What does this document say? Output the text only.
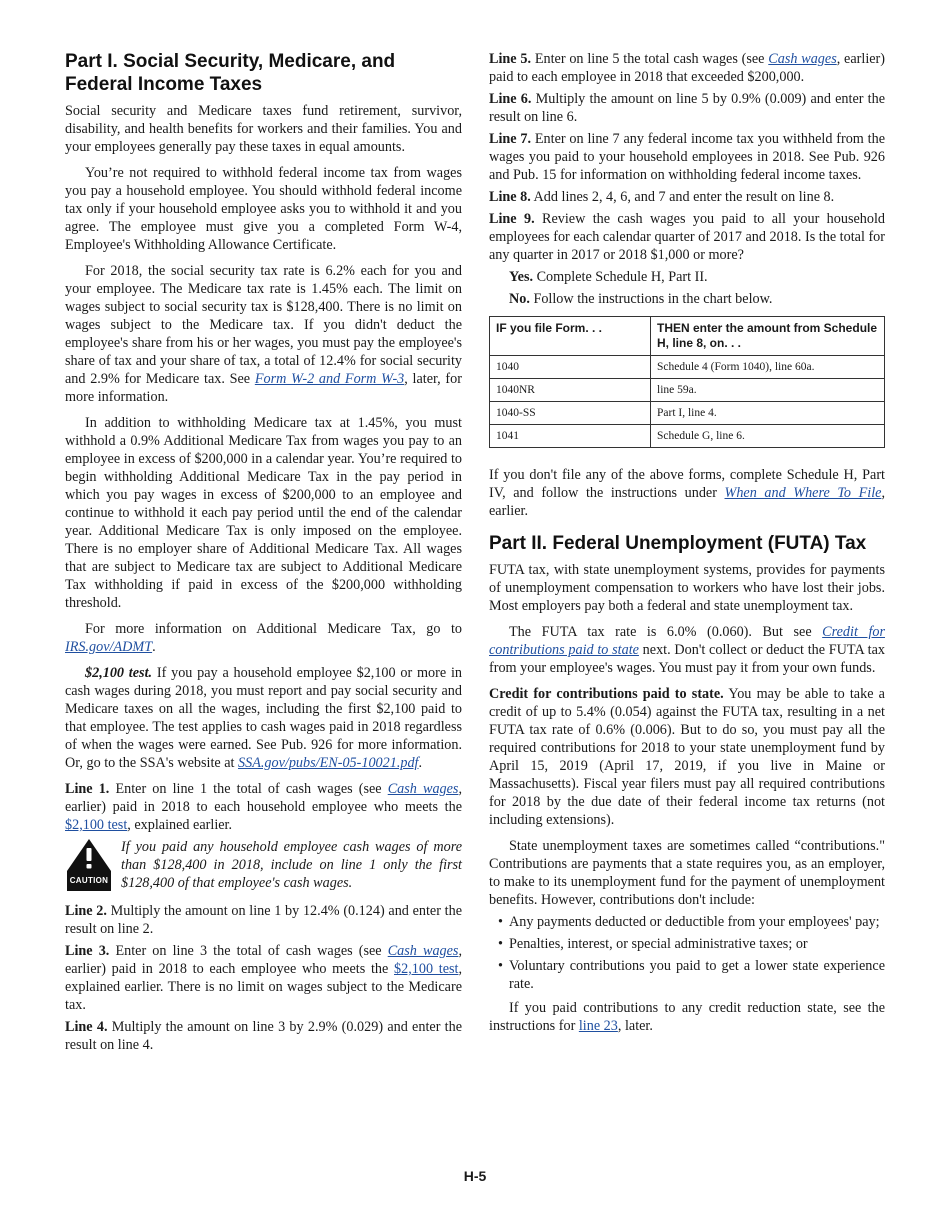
Part I. Social Security, Medicare, and Federal Income Taxes

Social security and Medicare taxes fund retirement, survivor, disability, and health benefits for workers and their families. You and your employees generally pay these taxes in equal amounts.

You’re not required to withhold federal income tax from wages you pay a household employee. You should withhold federal income tax only if your household employee asks you to withhold it and you agree. The employee must give you a completed Form W-4, Employee's Withholding Allowance Certificate.

For 2018, the social security tax rate is 6.2% each for you and your employee. The Medicare tax rate is 1.45% each. The limit on wages subject to social security tax is $128,400. There is no limit on wages subject to the Medicare tax. If you didn't deduct the employee's share from his or her wages, you must pay the employee's share of tax and your share of tax, a total of 12.4% for social security and 2.9% for Medicare tax. See Form W-2 and Form W-3, later, for more information.

In addition to withholding Medicare tax at 1.45%, you must withhold a 0.9% Additional Medicare Tax from wages you pay to an employee in excess of $200,000 in a calendar year. You’re required to begin withholding Additional Medicare Tax in the pay period in which you pay wages in excess of $200,000 to an employee and continue to withhold it each pay period until the end of the calendar year. Additional Medicare Tax is only imposed on the employee. There is no employer share of Additional Medicare Tax. All wages that are subject to Medicare tax are subject to Additional Medicare Tax withholding if paid in excess of the $200,000 withholding threshold.

For more information on Additional Medicare Tax, go to IRS.gov/ADMT.

$2,100 test. If you pay a household employee $2,100 or more in cash wages during 2018, you must report and pay social security and Medicare taxes on all the wages, including the first $2,100 paid to that employee. The test applies to cash wages paid in 2018 regardless of when the wages were earned. See Pub. 926 for more information. Or, go to the SSA's website at SSA.gov/pubs/EN-05-10021.pdf.

Line 1. Enter on line 1 the total of cash wages (see Cash wages, earlier) paid in 2018 to each household employee who meets the $2,100 test, explained earlier.

CAUTION
If you paid any household employee cash wages of more than $128,400 in 2018, include on line 1 only the first $128,400 of that employee's cash wages.

Line 2. Multiply the amount on line 1 by 12.4% (0.124) and enter the result on line 2.

Line 3. Enter on line 3 the total of cash wages (see Cash wages, earlier) paid in 2018 to each employee who meets the $2,100 test, explained earlier. There is no limit on wages subject to the Medicare tax.

Line 4. Multiply the amount on line 3 by 2.9% (0.029) and enter the result on line 4.

Line 5. Enter on line 5 the total cash wages (see Cash wages, earlier) paid to each employee in 2018 that exceeded $200,000.

Line 6. Multiply the amount on line 5 by 0.9% (0.009) and enter the result on line 6.

Line 7. Enter on line 7 any federal income tax you withheld from the wages you paid to your household employees in 2018. See Pub. 926 and Pub. 15 for information on withholding federal income taxes.

Line 8. Add lines 2, 4, 6, and 7 and enter the result on line 8.

Line 9. Review the cash wages you paid to all your household employees for each calendar quarter of 2017 and 2018. Is the total for any quarter in 2017 or 2018 $1,000 or more?

Yes. Complete Schedule H, Part II.

No. Follow the instructions in the chart below.

IF you file Form. . .	THEN enter the amount from Schedule H, line 8, on. . .
1040	Schedule 4 (Form 1040), line 60a.
1040NR	line 59a.
1040-SS	Part I, line 4.
1041	Schedule G, line 6.

If you don't file any of the above forms, complete Schedule H, Part IV, and follow the instructions under When and Where To File, earlier.

Part II. Federal Unemployment (FUTA) Tax

FUTA tax, with state unemployment systems, provides for payments of unemployment compensation to workers who have lost their jobs. Most employers pay both a federal and state unemployment tax.

The FUTA tax rate is 6.0% (0.060). But see Credit for contributions paid to state next. Don't collect or deduct the FUTA tax from your employee's wages. You must pay it from your own funds.

Credit for contributions paid to state. You may be able to take a credit of up to 5.4% (0.054) against the FUTA tax, resulting in a net FUTA tax rate of 0.6% (0.006). But to do so, you must pay all the required contributions for 2018 to your state unemployment fund by April 15, 2019 (April 17, 2019, if you live in Maine or Massachusetts). Fiscal year filers must pay all required contributions for 2018 by the due date of their federal income tax returns (not including extensions).

State unemployment taxes are sometimes called “contributions." Contributions are payments that a state requires you, as an employer, to make to its unemployment fund for the payment of unemployment benefits. However, contributions don't include:

• Any payments deducted or deductible from your employees' pay;
• Penalties, interest, or special administrative taxes; or
• Voluntary contributions you paid to get a lower state experience rate.

If you paid contributions to any credit reduction state, see the instructions for line 23, later.

H-5
